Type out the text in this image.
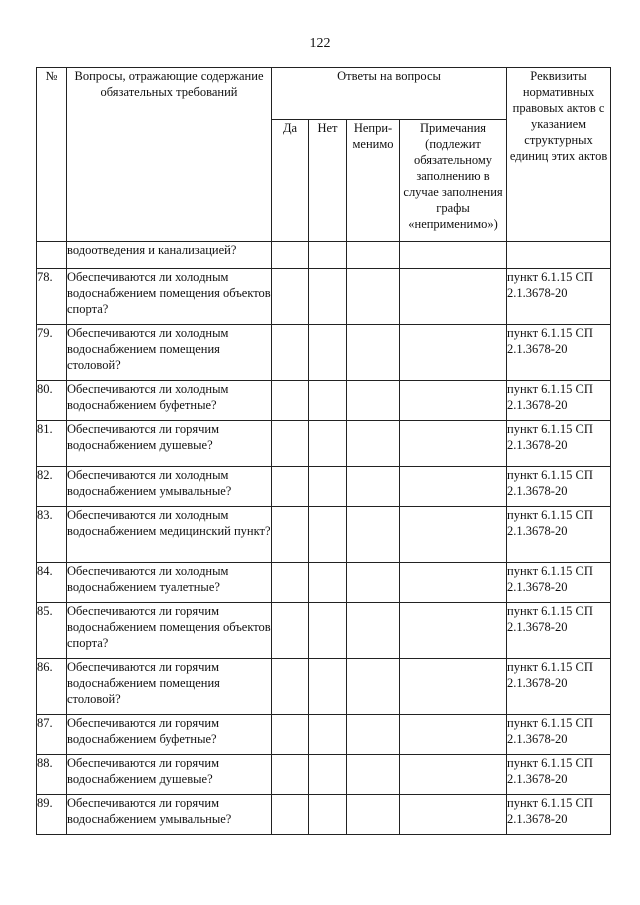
122
№	Вопросы, отражающие содержание обязательных требований	Ответы на вопросы				Реквизиты нормативных правовых актов с указанием структурных единиц этих актов
		Да	Нет	Непри-менимо	Примечания (подлежит обязательному заполнению в случае заполнения графы «неприменимо»)	
	водоотведения и канализацией?					
78.	Обеспечиваются ли холодным водоснабжением помещения объектов спорта?					пункт 6.1.15 СП 2.1.3678-20
79.	Обеспечиваются ли холодным водоснабжением помещения столовой?					пункт 6.1.15 СП 2.1.3678-20
80.	Обеспечиваются ли холодным водоснабжением буфетные?					пункт 6.1.15 СП 2.1.3678-20
81.	Обеспечиваются ли горячим водоснабжением душевые?					пункт 6.1.15 СП 2.1.3678-20
82.	Обеспечиваются ли холодным водоснабжением умывальные?					пункт 6.1.15 СП 2.1.3678-20
83.	Обеспечиваются ли холодным водоснабжением медицинский пункт?					пункт 6.1.15 СП 2.1.3678-20
84.	Обеспечиваются ли холодным водоснабжением туалетные?					пункт 6.1.15 СП 2.1.3678-20
85.	Обеспечиваются ли горячим водоснабжением помещения объектов спорта?					пункт 6.1.15 СП 2.1.3678-20
86.	Обеспечиваются ли горячим водоснабжением помещения столовой?					пункт 6.1.15 СП 2.1.3678-20
87.	Обеспечиваются ли горячим водоснабжением буфетные?					пункт 6.1.15 СП 2.1.3678-20
88.	Обеспечиваются ли горячим водоснабжением душевые?					пункт 6.1.15 СП 2.1.3678-20
89.	Обеспечиваются ли горячим водоснабжением умывальные?					пункт 6.1.15 СП 2.1.3678-20
